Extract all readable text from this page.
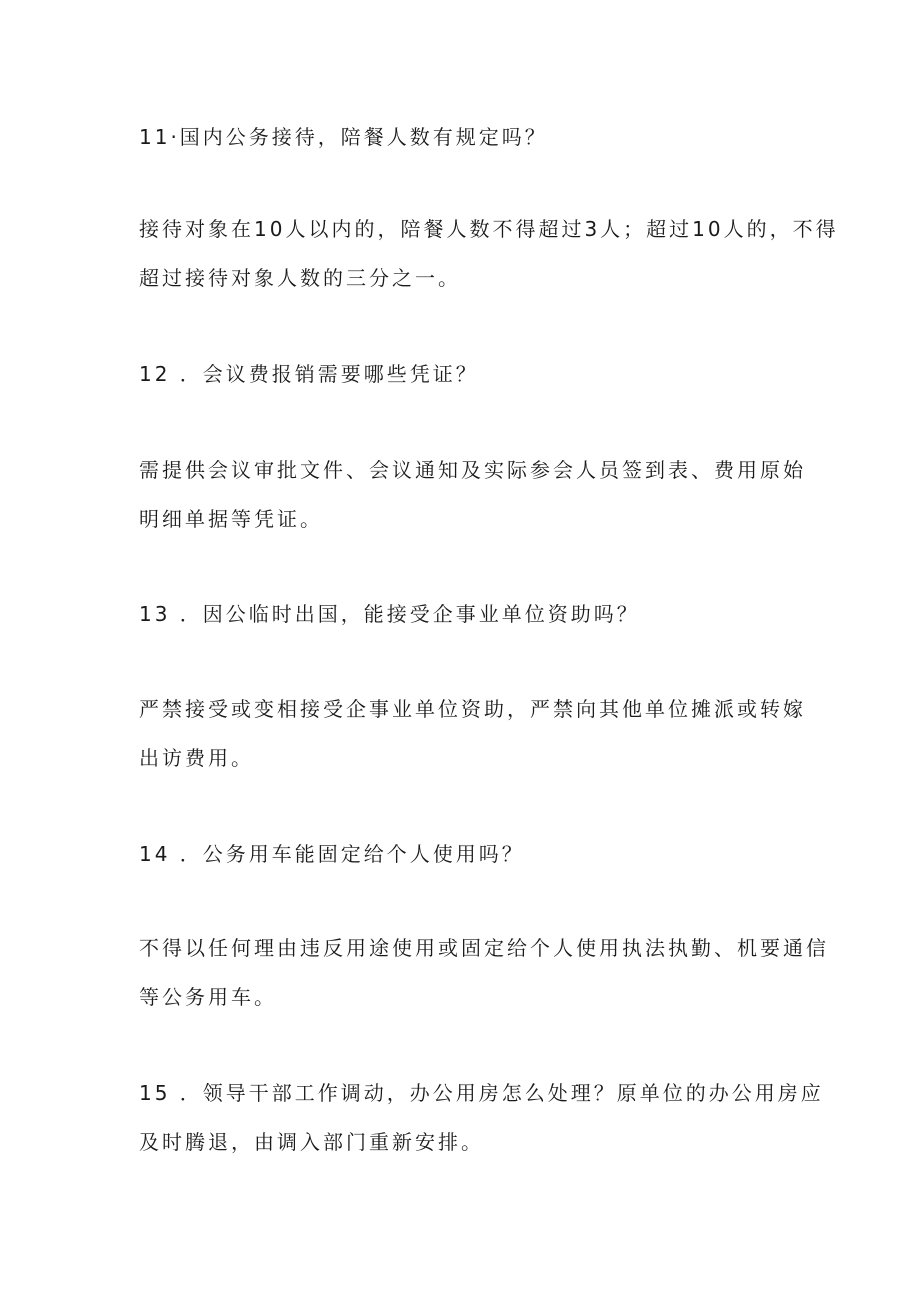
11·国内公务接待，陪餐人数有规定吗？
接待对象在10人以内的，陪餐人数不得超过3人；超过10人的，不得
超过接待对象人数的三分之一。
12 ．会议费报销需要哪些凭证？
需提供会议审批文件、会议通知及实际参会人员签到表、费用原始
明细单据等凭证。
13 ．因公临时出国，能接受企事业单位资助吗？
严禁接受或变相接受企事业单位资助，严禁向其他单位摊派或转嫁
出访费用。
14 ．公务用车能固定给个人使用吗？
不得以任何理由违反用途使用或固定给个人使用执法执勤、机要通信
等公务用车。
15 ．领导干部工作调动，办公用房怎么处理？原单位的办公用房应
及时腾退，由调入部门重新安排。
